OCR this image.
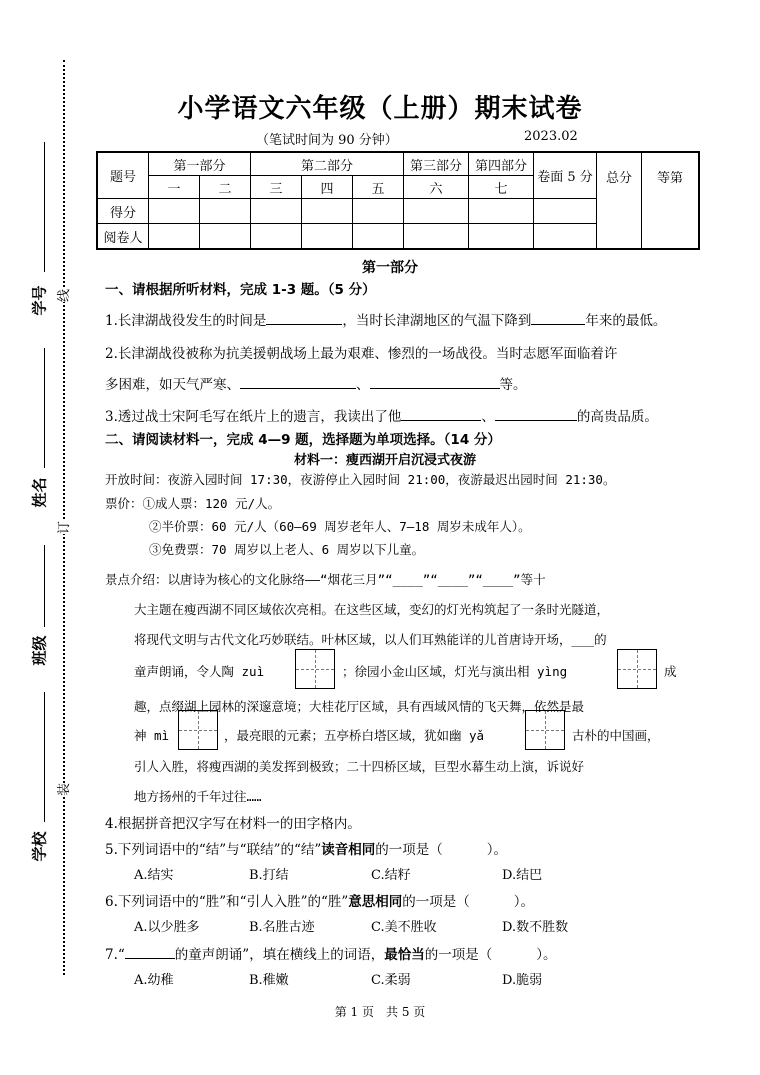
学号
姓名
班级
学校
线
订
装
小学语文六年级（上册）期末试卷
（笔试时间为 90 分钟）	2023.02
题号	第一部分		第二部分			第三部分	第四部分	卷面 5 分	总分	等第
	一	二	三	四	五	六	七			
得分										
阅卷人										
第一部分
一、请根据所听材料，完成 1-3 题。（5 分）
1.长津湖战役发生的时间是	，当时长津湖地区的气温下降到	年来的最低。
2.长津湖战役被称为抗美援朝战场上最为艰难、惨烈的一场战役。当时志愿军面临着许
多困难，如天气严寒、	、	等。
3.透过战士宋阿毛写在纸片上的遗言，我读出了他	、	的高贵品质。
二、请阅读材料一，完成 4—9 题，选择题为单项选择。（14 分）
材料一：瘦西湖开启沉浸式夜游
开放时间：夜游入园时间 17:30，夜游停止入园时间 21:00，夜游最迟出园时间 21:30。
票价：①成人票：120 元/人。
②半价票：60 元/人（60—69 周岁老年人、7—18 周岁未成年人）。
③免费票：70 周岁以上老人、6 周岁以下儿童。
景点介绍：以唐诗为核心的文化脉络——“烟花三月”“____”“____”“____”等十
大主题在瘦西湖不同区域依次亮相。在这些区域，变幻的灯光构筑起了一条时光隧道，
将现代文明与古代文化巧妙联结。叶林区域，以人们耳熟能详的儿首唐诗开场，___的
童声朗诵，令人陶 zuì	；徐园小金山区域，灯光与演出相 yìng	成
趣，点缀湖上园林的深邃意境；大桂花厅区域，具有西域风情的飞天舞，依然是最
神 mì	，最亮眼的元素；五亭桥白塔区域，犹如幽 yǎ	古朴的中国画，
引人入胜，将瘦西湖的美发挥到极致；二十四桥区域，巨型水幕生动上演，诉说好
地方扬州的千年过往……
4.根据拼音把汉字写在材料一的田字格内。
5.下列词语中的“结”与“联结”的“结”读音相同的一项是（	）。
A.结实	B.打结	C.结籽	D.结巴
6.下列词语中的“胜”和“引人入胜”的“胜”意思相同的一项是（	）。
A.以少胜多	B.名胜古迹	C.美不胜收	D.数不胜数
7.“	的童声朗诵”，填在横线上的词语，最恰当的一项是（	）。
A.幼稚	B.稚嫩	C.柔弱	D.脆弱
第 1 页　共 5 页
